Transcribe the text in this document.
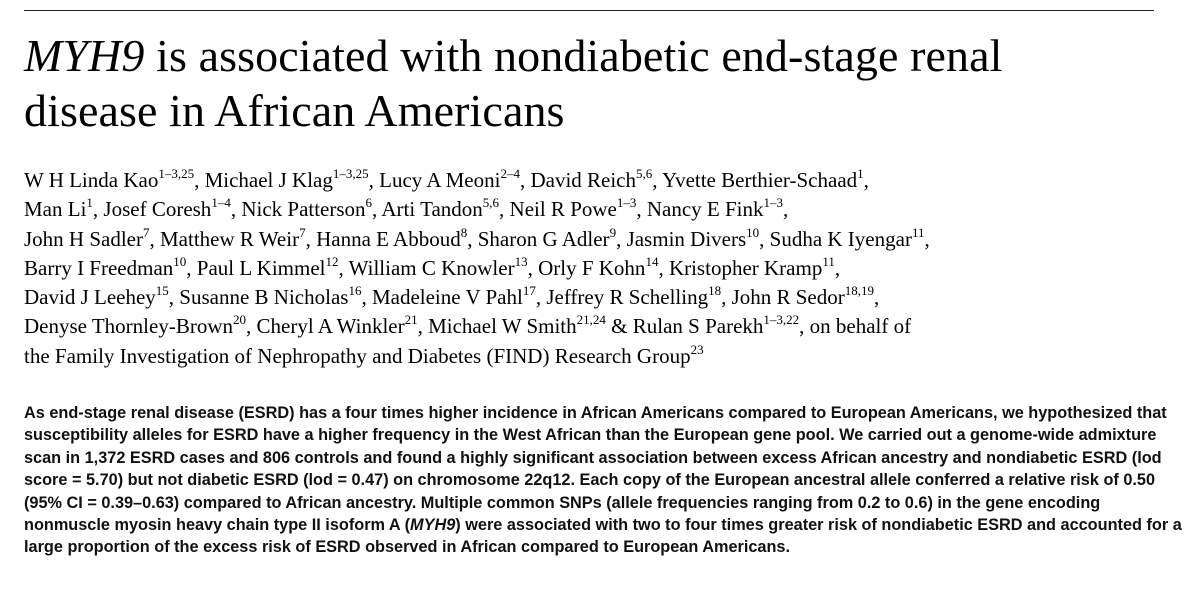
MYH9 is associated with nondiabetic end-stage renal
disease in African Americans
W H Linda Kao$^{1-3,25}$, Michael J Klag$^{1-3,25}$, Lucy A Meoni$^{2-4}$, David Reich$^{5,6}$, Yvette Berthier-Schaad$^1$,
Man Li$^1$, Josef Coresh$^{1-4}$, Nick Patterson$^6$, Arti Tandon$^{5,6}$, Neil R Powe$^{1-3}$, Nancy E Fink$^{1-3}$,
John H Sadler$^7$, Matthew R Weir$^7$, Hanna E Abboud$^8$, Sharon G Adler$^9$, Jasmin Divers$^{10}$, Sudha K Iyengar$^{11}$,
Barry I Freedman$^{10}$, Paul L Kimmel$^{12}$, William C Knowler$^{13}$, Orly F Kohn$^{14}$, Kristopher Kramp$^{11}$,
David J Leehey$^{15}$, Susanne B Nicholas$^{16}$, Madeleine V Pahl$^{17}$, Jeffrey R Schelling$^{18}$, John R Sedor$^{18,19}$,
Denyse Thornley-Brown$^{20}$, Cheryl A Winkler$^{21}$, Michael W Smith$^{21,24}$ & Rulan S Parekh$^{1-3,22}$, on behalf of
the Family Investigation of Nephropathy and Diabetes (FIND) Research Group$^{23}$

As end-stage renal disease (ESRD) has a four times higher incidence in African Americans compared to European Americans, we hypothesized that susceptibility alleles for ESRD have a higher frequency in the West African than the European gene pool. We carried out a genome-wide admixture scan in 1,372 ESRD cases and 806 controls and found a highly significant association between excess African ancestry and nondiabetic ESRD (lod score = 5.70) but not diabetic ESRD (lod = 0.47) on chromosome 22q12. Each copy of the European ancestral allele conferred a relative risk of 0.50 (95% CI = 0.39–0.63) compared to African ancestry. Multiple common SNPs (allele frequencies ranging from 0.2 to 0.6) in the gene encoding nonmuscle myosin heavy chain type II isoform A (MYH9) were associated with two to four times greater risk of nondiabetic ESRD and accounted for a large proportion of the excess risk of ESRD observed in African compared to European Americans.
